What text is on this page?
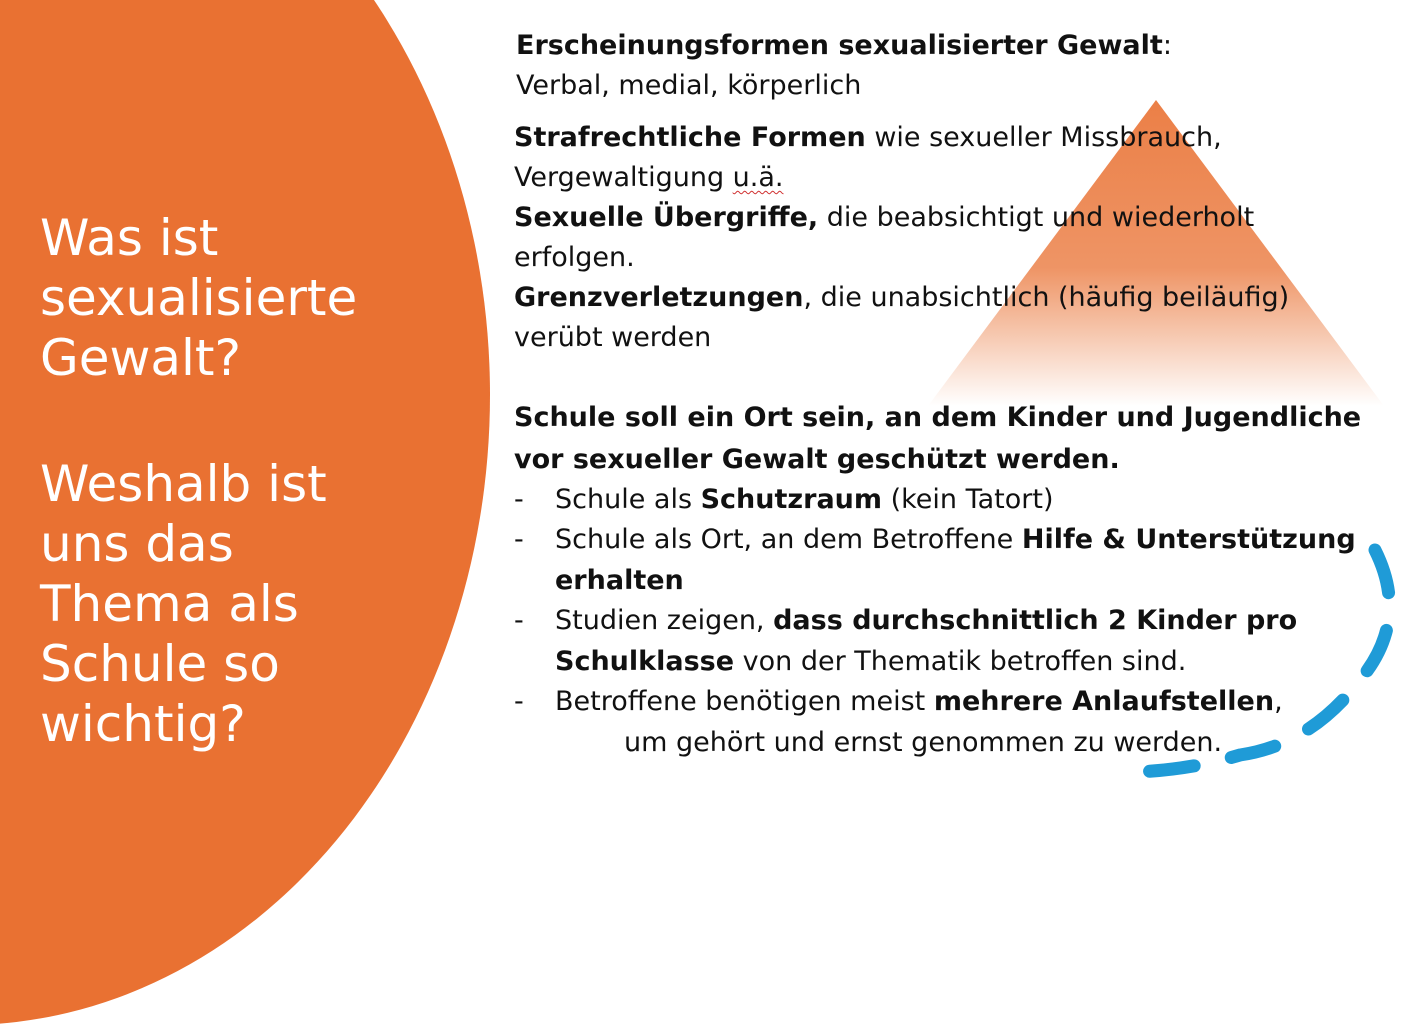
Was ist sexualisierte Gewalt?

Weshalb ist uns das Thema als Schule so wichtig?

Erscheinungsformen sexualisierter Gewalt:
Verbal, medial, körperlich
Strafrechtliche Formen wie sexueller Missbrauch,
Vergewaltigung u.ä.
Sexuelle Übergriffe, die beabsichtigt und wiederholt
erfolgen.
Grenzverletzungen, die unabsichtlich (häufig beiläufig)
verübt werden
Schule soll ein Ort sein, an dem Kinder und Jugendliche
vor sexueller Gewalt geschützt werden.
- Schule als Schutzraum (kein Tatort)
- Schule als Ort, an dem Betroffene Hilfe & Unterstützung
erhalten
- Studien zeigen, dass durchschnittlich 2 Kinder pro
Schulklasse von der Thematik betroffen sind.
- Betroffene benötigen meist mehrere Anlaufstellen,
um gehört und ernst genommen zu werden.
